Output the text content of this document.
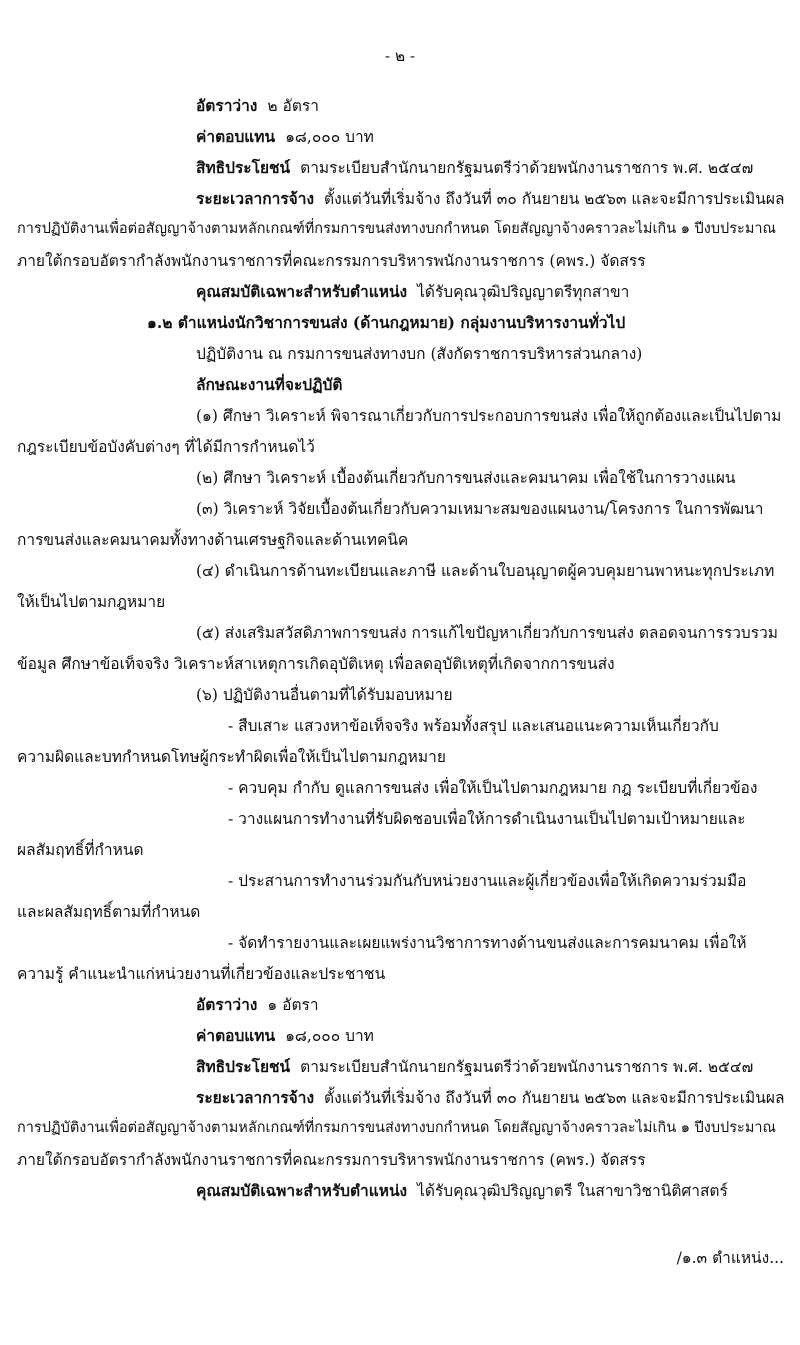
- ๒ -
อัตราว่าง ๒ อัตรา
ค่าตอบแทน ๑๘,๐๐๐ บาท
สิทธิประโยชน์ ตามระเบียบสำนักนายกรัฐมนตรีว่าด้วยพนักงานราชการ พ.ศ. ๒๕๔๗
ระยะเวลาการจ้าง ตั้งแต่วันที่เริ่มจ้าง ถึงวันที่ ๓๐ กันยายน ๒๕๖๓ และจะมีการประเมินผล
การปฏิบัติงานเพื่อต่อสัญญาจ้างตามหลักเกณฑ์ที่กรมการขนส่งทางบกกำหนด โดยสัญญาจ้างคราวละไม่เกิน ๑ ปีงบประมาณ
ภายใต้กรอบอัตรากำลังพนักงานราชการที่คณะกรรมการบริหารพนักงานราชการ (คพร.) จัดสรร
คุณสมบัติเฉพาะสำหรับตำแหน่ง ได้รับคุณวุฒิปริญญาตรีทุกสาขา
๑.๒ ตำแหน่งนักวิชาการขนส่ง (ด้านกฎหมาย) กลุ่มงานบริหารงานทั่วไป
ปฏิบัติงาน ณ กรมการขนส่งทางบก (สังกัดราชการบริหารส่วนกลาง)
ลักษณะงานที่จะปฏิบัติ
(๑) ศึกษา วิเคราะห์ พิจารณาเกี่ยวกับการประกอบการขนส่ง เพื่อให้ถูกต้องและเป็นไปตาม
กฎระเบียบข้อบังคับต่างๆ ที่ได้มีการกำหนดไว้
(๒) ศึกษา วิเคราะห์ เบื้องต้นเกี่ยวกับการขนส่งและคมนาคม เพื่อใช้ในการวางแผน
(๓) วิเคราะห์ วิจัยเบื้องต้นเกี่ยวกับความเหมาะสมของแผนงาน/โครงการ ในการพัฒนา
การขนส่งและคมนาคมทั้งทางด้านเศรษฐกิจและด้านเทคนิค
(๔) ดำเนินการด้านทะเบียนและภาษี และด้านใบอนุญาตผู้ควบคุมยานพาหนะทุกประเภท
ให้เป็นไปตามกฎหมาย
(๕) ส่งเสริมสวัสดิภาพการขนส่ง การแก้ไขปัญหาเกี่ยวกับการขนส่ง ตลอดจนการรวบรวม
ข้อมูล ศึกษาข้อเท็จจริง วิเคราะห์สาเหตุการเกิดอุบัติเหตุ เพื่อลดอุบัติเหตุที่เกิดจากการขนส่ง
(๖) ปฏิบัติงานอื่นตามที่ได้รับมอบหมาย
- สืบเสาะ แสวงหาข้อเท็จจริง พร้อมทั้งสรุป และเสนอแนะความเห็นเกี่ยวกับ
ความผิดและบทกำหนดโทษผู้กระทำผิดเพื่อให้เป็นไปตามกฎหมาย
- ควบคุม กำกับ ดูแลการขนส่ง เพื่อให้เป็นไปตามกฎหมาย กฎ ระเบียบที่เกี่ยวข้อง
- วางแผนการทำงานที่รับผิดชอบเพื่อให้การดำเนินงานเป็นไปตามเป้าหมายและ
ผลสัมฤทธิ์ที่กำหนด
- ประสานการทำงานร่วมกันกับหน่วยงานและผู้เกี่ยวข้องเพื่อให้เกิดความร่วมมือ
และผลสัมฤทธิ์ตามที่กำหนด
- จัดทำรายงานและเผยแพร่งานวิชาการทางด้านขนส่งและการคมนาคม เพื่อให้
ความรู้ คำแนะนำแก่หน่วยงานที่เกี่ยวข้องและประชาชน
อัตราว่าง ๑ อัตรา
ค่าตอบแทน ๑๘,๐๐๐ บาท
สิทธิประโยชน์ ตามระเบียบสำนักนายกรัฐมนตรีว่าด้วยพนักงานราชการ พ.ศ. ๒๕๔๗
ระยะเวลาการจ้าง ตั้งแต่วันที่เริ่มจ้าง ถึงวันที่ ๓๐ กันยายน ๒๕๖๓ และจะมีการประเมินผล
การปฏิบัติงานเพื่อต่อสัญญาจ้างตามหลักเกณฑ์ที่กรมการขนส่งทางบกกำหนด โดยสัญญาจ้างคราวละไม่เกิน ๑ ปีงบประมาณ
ภายใต้กรอบอัตรากำลังพนักงานราชการที่คณะกรรมการบริหารพนักงานราชการ (คพร.) จัดสรร
คุณสมบัติเฉพาะสำหรับตำแหน่ง ได้รับคุณวุฒิปริญญาตรี ในสาขาวิชานิติศาสตร์
/๑.๓ ตำแหน่ง...
